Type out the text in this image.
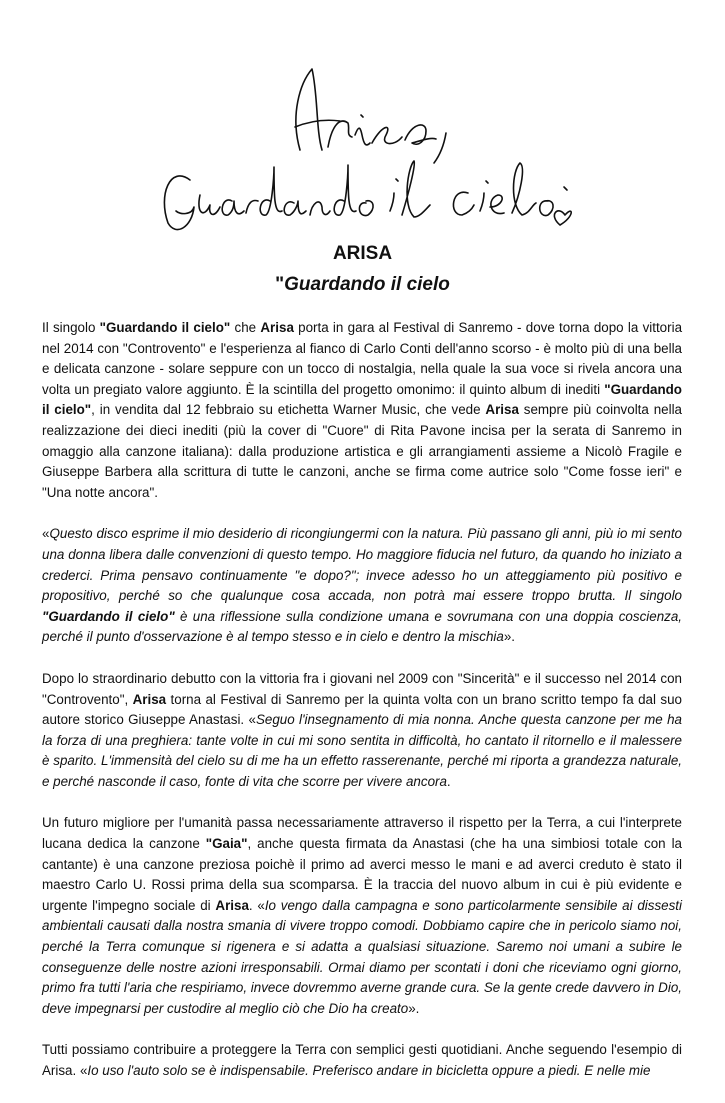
Arisa, Guardando il cielo
ARISA
"Guardando il cielo

Il singolo "Guardando il cielo" che Arisa porta in gara al Festival di Sanremo - dove torna dopo la vittoria nel 2014 con "Controvento" e l'esperienza al fianco di Carlo Conti dell'anno scorso - è molto più di una bella e delicata canzone - solare seppure con un tocco di nostalgia, nella quale la sua voce si rivela ancora una volta un pregiato valore aggiunto. È la scintilla del progetto omonimo: il quinto album di inediti "Guardando il cielo", in vendita dal 12 febbraio su etichetta Warner Music, che vede Arisa sempre più coinvolta nella realizzazione dei dieci inediti (più la cover di "Cuore" di Rita Pavone incisa per la serata di Sanremo in omaggio alla canzone italiana): dalla produzione artistica e gli arrangiamenti assieme a Nicolò Fragile e Giuseppe Barbera alla scrittura di tutte le canzoni, anche se firma come autrice solo "Come fosse ieri" e "Una notte ancora".

«Questo disco esprime il mio desiderio di ricongiungermi con la natura. Più passano gli anni, più io mi sento una donna libera dalle convenzioni di questo tempo. Ho maggiore fiducia nel futuro, da quando ho iniziato a crederci. Prima pensavo continuamente "e dopo?"; invece adesso ho un atteggiamento più positivo e propositivo, perché so che qualunque cosa accada, non potrà mai essere troppo brutta. Il singolo "Guardando il cielo" è una riflessione sulla condizione umana e sovrumana con una doppia coscienza, perché il punto d'osservazione è al tempo stesso e in cielo e dentro la mischia».

Dopo lo straordinario debutto con la vittoria fra i giovani nel 2009 con "Sincerità" e il successo nel 2014 con "Controvento", Arisa torna al Festival di Sanremo per la quinta volta con un brano scritto tempo fa dal suo autore storico Giuseppe Anastasi. «Seguo l'insegnamento di mia nonna. Anche questa canzone per me ha la forza di una preghiera: tante volte in cui mi sono sentita in difficoltà, ho cantato il ritornello e il malessere è sparito. L'immensità del cielo su di me ha un effetto rasserenante, perché mi riporta a grandezza naturale, e perché nasconde il caso, fonte di vita che scorre per vivere ancora.

Un futuro migliore per l'umanità passa necessariamente attraverso il rispetto per la Terra, a cui l'interprete lucana dedica la canzone "Gaia", anche questa firmata da Anastasi (che ha una simbiosi totale con la cantante) è una canzone preziosa poichè il primo ad averci messo le mani e ad averci creduto è stato il maestro Carlo U. Rossi prima della sua scomparsa. È la traccia del nuovo album in cui è più evidente e urgente l'impegno sociale di Arisa. «Io vengo dalla campagna e sono particolarmente sensibile ai dissesti ambientali causati dalla nostra smania di vivere troppo comodi. Dobbiamo capire che in pericolo siamo noi, perché la Terra comunque si rigenera e si adatta a qualsiasi situazione. Saremo noi umani a subire le conseguenze delle nostre azioni irresponsabili. Ormai diamo per scontati i doni che riceviamo ogni giorno, primo fra tutti l'aria che respiriamo, invece dovremmo averne grande cura. Se la gente crede davvero in Dio, deve impegnarsi per custodire al meglio ciò che Dio ha creato».

Tutti possiamo contribuire a proteggere la Terra con semplici gesti quotidiani. Anche seguendo l'esempio di Arisa. «Io uso l'auto solo se è indispensabile. Preferisco andare in bicicletta oppure a piedi. E nelle mie
